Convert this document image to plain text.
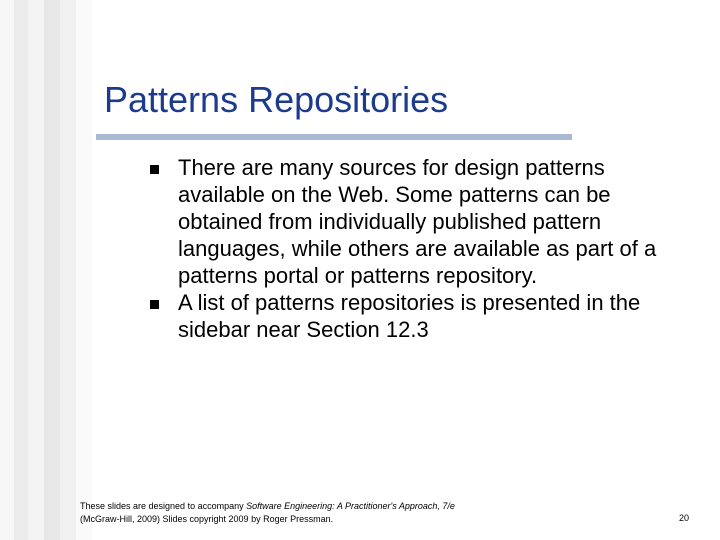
Patterns Repositories
There are many sources for design patterns available on the Web. Some patterns can be obtained from individually published pattern languages, while others are available as part of a patterns portal or patterns repository.
A list of patterns repositories is presented in the sidebar near Section 12.3
These slides are designed to accompany Software Engineering: A Practitioner's Approach, 7/e
(McGraw-Hill, 2009) Slides copyright 2009 by Roger Pressman.	20
